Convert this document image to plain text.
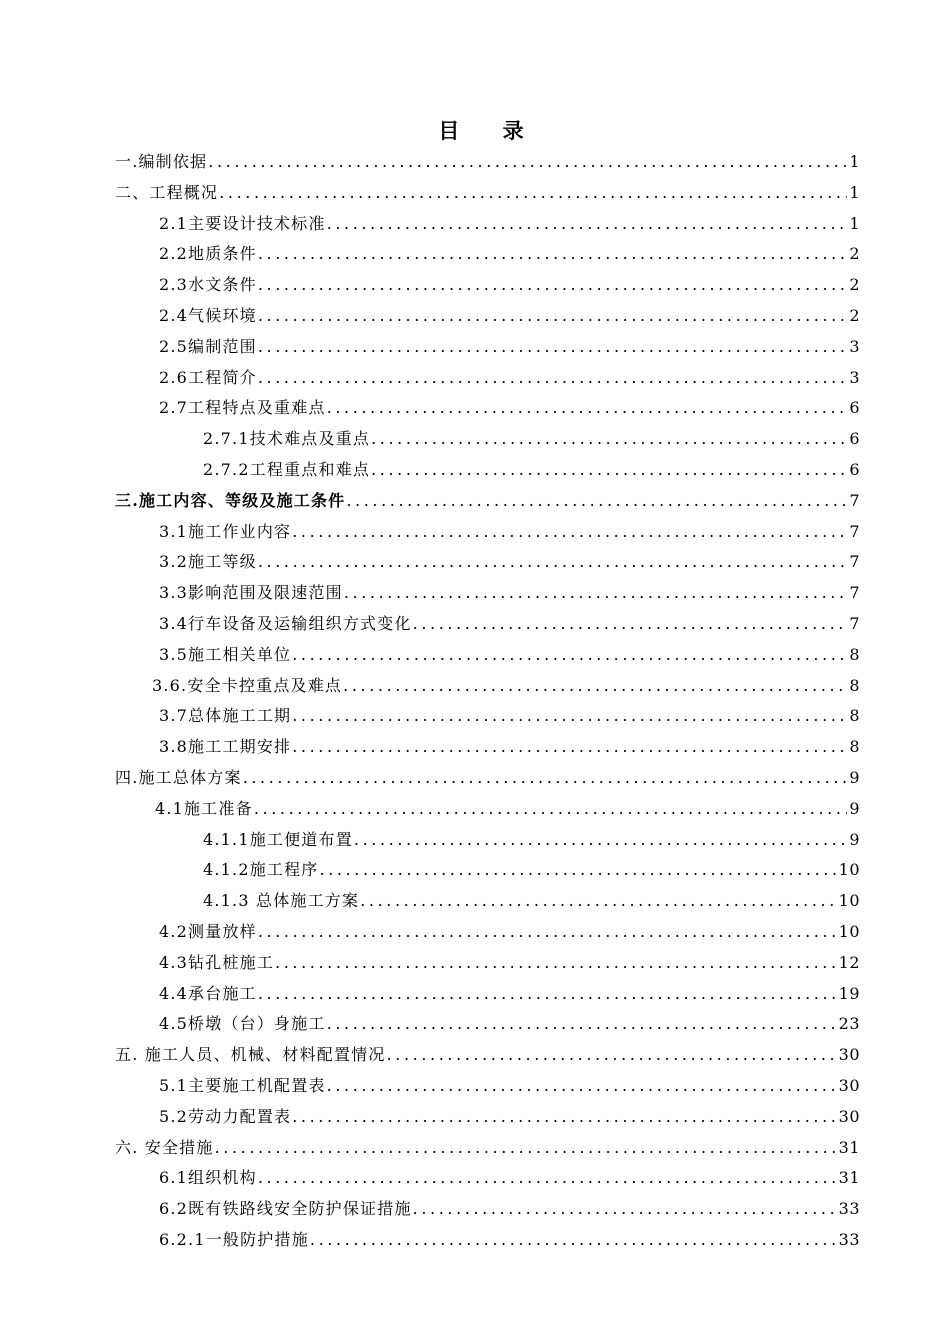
目 录
一.编制依据 .....	1
二、工程概况 .....	1
2.1主要设计技术标准 .....	1
2.2地质条件 .....	2
2.3水文条件 .....	2
2.4气候环境 .....	2
2.5编制范围 .....	3
2.6工程简介 .....	3
2.7工程特点及重难点 .....	6
2.7.1技术难点及重点 .....	6
2.7.2工程重点和难点 .....	6
三.施工内容、等级及施工条件 .....	7
3.1施工作业内容 .....	7
3.2施工等级 .....	7
3.3影响范围及限速范围 .....	7
3.4行车设备及运输组织方式变化 .....	7
3.5施工相关单位 .....	8
3.6.安全卡控重点及难点 .....	8
3.7总体施工工期 .....	8
3.8施工工期安排 .....	8
四.施工总体方案 .....	9
4.1施工准备 .....	9
4.1.1施工便道布置 .....	9
4.1.2施工程序 .....	10
4.1.3 总体施工方案 .....	10
4.2测量放样 .....	10
4.3钻孔桩施工 .....	12
4.4承台施工 .....	19
4.5桥墩（台）身施工 .....	23
五. 施工人员、机械、材料配置情况 .....	30
5.1主要施工机配置表 .....	30
5.2劳动力配置表 .....	30
六. 安全措施 .....	31
6.1组织机构 .....	31
6.2既有铁路线安全防护保证措施 .....	33
6.2.1一般防护措施 .....	33
